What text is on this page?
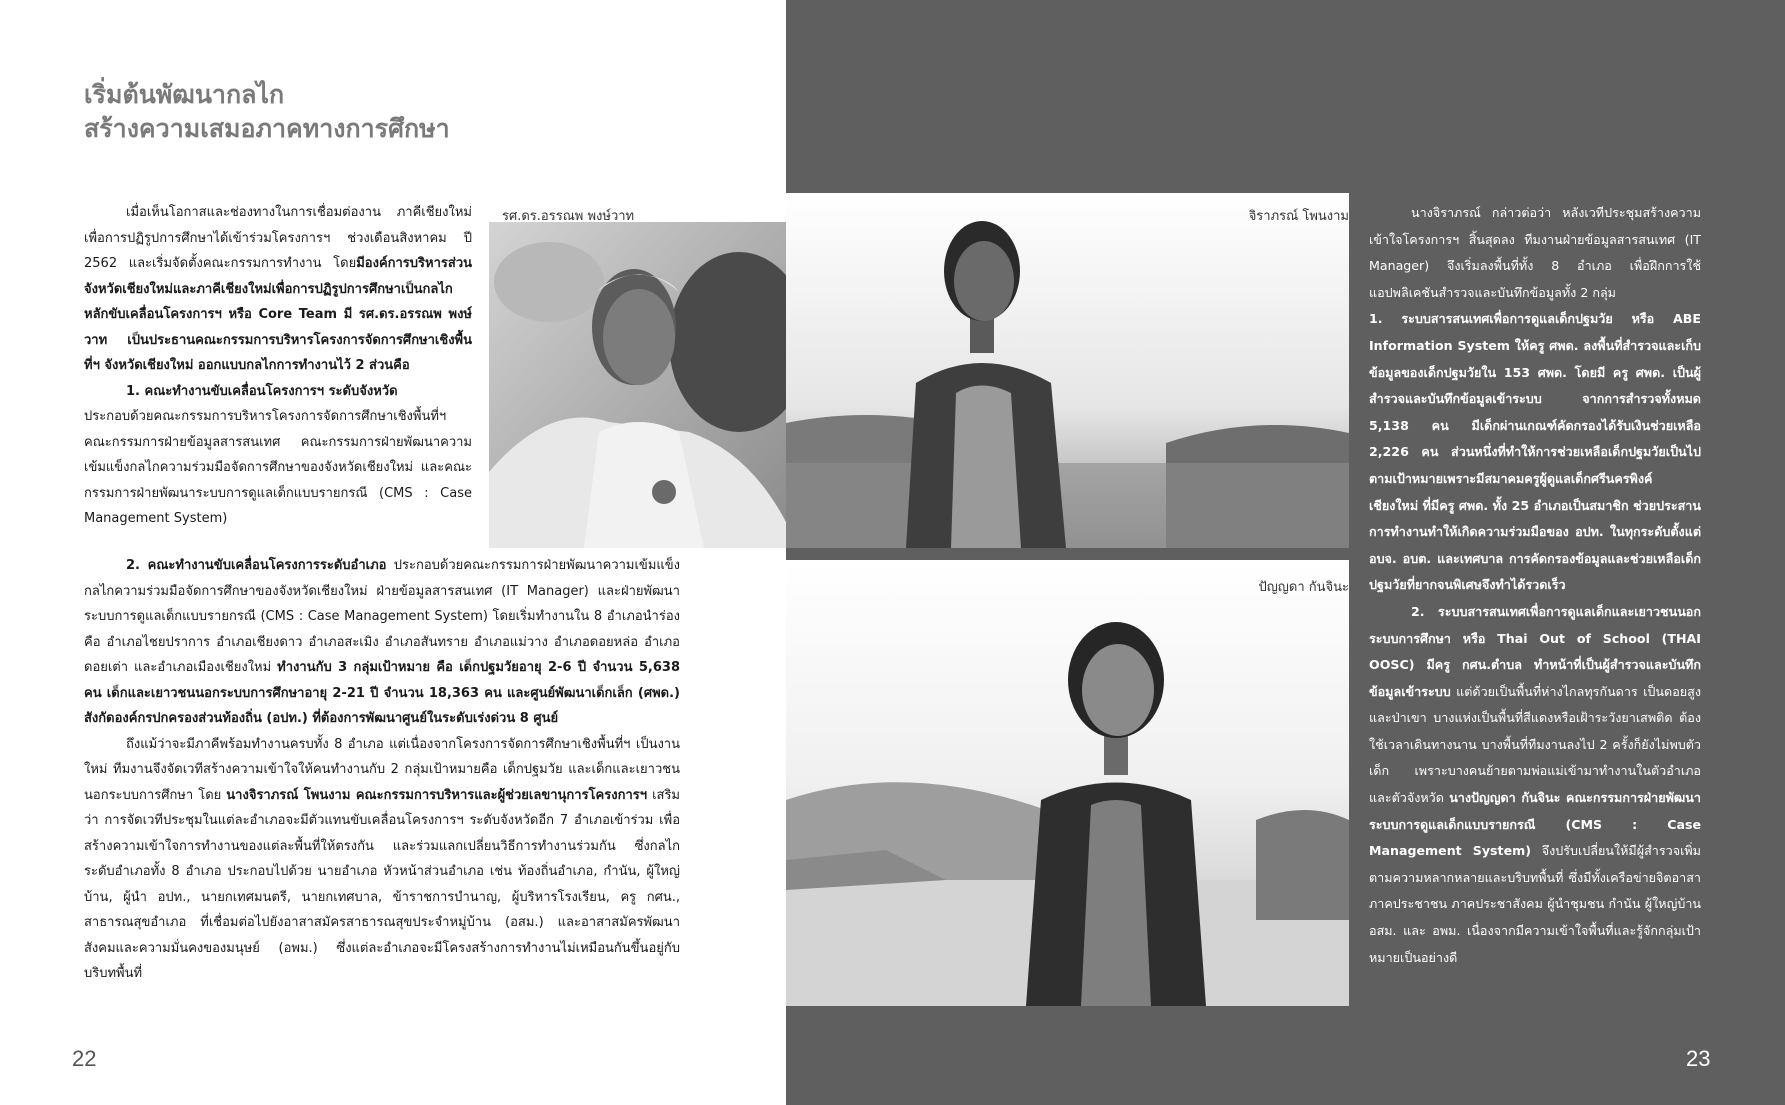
เริ่มต้นพัฒนากลไก
สร้างความเสมอภาคทางการศึกษา

เมื่อเห็นโอกาสและช่องทางในการเชื่อมต่องาน ภาคีเชียงใหม่เพื่อการปฏิรูปการศึกษาได้เข้าร่วมโครงการฯ ช่วงเดือนสิงหาคม ปี 2562 และเริ่มจัดตั้งคณะกรรมการทำงาน โดยมีองค์การบริหารส่วนจังหวัดเชียงใหม่และภาคีเชียงใหม่เพื่อการปฏิรูปการศึกษาเป็นกลไกหลักขับเคลื่อนโครงการฯ หรือ Core Team มี รศ.ดร.อรรณพ พงษ์วาท เป็นประธานคณะกรรมการบริหารโครงการจัดการศึกษาเชิงพื้นที่ฯ จังหวัดเชียงใหม่ ออกแบบกลไกการทำงานไว้ 2 ส่วนคือ

1. คณะทำงานขับเคลื่อนโครงการฯ ระดับจังหวัด

ประกอบด้วยคณะกรรมการบริหารโครงการจัดการศึกษาเชิงพื้นที่ฯ คณะกรรมการฝ่ายข้อมูลสารสนเทศ คณะกรรมการฝ่ายพัฒนาความเข้มแข็งกลไกความร่วมมือจัดการศึกษาของจังหวัดเชียงใหม่ และคณะกรรมการฝ่ายพัฒนาระบบการดูแลเด็กแบบรายกรณี (CMS : Case Management System)

2. คณะทำงานขับเคลื่อนโครงการระดับอำเภอ ประกอบด้วยคณะกรรมการฝ่ายพัฒนาความเข้มแข็งกลไกความร่วมมือจัดการศึกษาของจังหวัดเชียงใหม่ ฝ่ายข้อมูลสารสนเทศ (IT Manager) และฝ่ายพัฒนาระบบการดูแลเด็กแบบรายกรณี (CMS : Case Management System) โดยเริ่มทำงานใน 8 อำเภอนำร่อง คือ อำเภอไชยปราการ อำเภอเชียงดาว อำเภอสะเมิง อำเภอสันทราย อำเภอแม่วาง อำเภอดอยหล่อ อำเภอดอยเต่า และอำเภอเมืองเชียงใหม่ ทำงานกับ 3 กลุ่มเป้าหมาย คือ เด็กปฐมวัยอายุ 2-6 ปี จำนวน 5,638 คน เด็กและเยาวชนนอกระบบการศึกษาอายุ 2-21 ปี จำนวน 18,363 คน และศูนย์พัฒนาเด็กเล็ก (ศพด.) สังกัดองค์กรปกครองส่วนท้องถิ่น (อปท.) ที่ต้องการพัฒนาศูนย์ในระดับเร่งด่วน 8 ศูนย์

ถึงแม้ว่าจะมีภาคีพร้อมทำงานครบทั้ง 8 อำเภอ แต่เนื่องจากโครงการจัดการศึกษาเชิงพื้นที่ฯ เป็นงานใหม่ ทีมงานจึงจัดเวทีสร้างความเข้าใจให้คนทำงานกับ 2 กลุ่มเป้าหมายคือ เด็กปฐมวัย และเด็กและเยาวชนนอกระบบการศึกษา โดย นางจิราภรณ์ โพนงาม คณะกรรมการบริหารและผู้ช่วยเลขานุการโครงการฯ เสริมว่า การจัดเวทีประชุมในแต่ละอำเภอจะมีตัวแทนขับเคลื่อนโครงการฯ ระดับจังหวัดอีก 7 อำเภอเข้าร่วม เพื่อสร้างความเข้าใจการทำงานของแต่ละพื้นที่ให้ตรงกัน และร่วมแลกเปลี่ยนวิธีการทำงานร่วมกัน ซึ่งกลไกระดับอำเภอทั้ง 8 อำเภอ ประกอบไปด้วย นายอำเภอ หัวหน้าส่วนอำเภอ เช่น ท้องถิ่นอำเภอ, กำนัน, ผู้ใหญ่บ้าน, ผู้นำ อปท., นายกเทศมนตรี, นายกเทศบาล, ข้าราชการบำนาญ, ผู้บริหารโรงเรียน, ครู กศน., สาธารณสุขอำเภอ ที่เชื่อมต่อไปยังอาสาสมัครสาธารณสุขประจำหมู่บ้าน (อสม.) และอาสาสมัครพัฒนาสังคมและความมั่นคงของมนุษย์ (อพม.) ซึ่งแต่ละอำเภอจะมีโครงสร้างการทำงานไม่เหมือนกันขึ้นอยู่กับบริบทพื้นที่

รศ.ดร.อรรณพ พงษ์วาท
22
จิราภรณ์ โพนงาม
ปัญญดา กันจินะ

นางจิราภรณ์ กล่าวต่อว่า หลังเวทีประชุมสร้างความเข้าใจโครงการฯ สิ้นสุดลง ทีมงานฝ่ายข้อมูลสารสนเทศ (IT Manager) จึงเริ่มลงพื้นที่ทั้ง 8 อำเภอ เพื่อฝึกการใช้แอปพลิเคชันสำรวจและบันทึกข้อมูลทั้ง 2 กลุ่ม

1. ระบบสารสนเทศเพื่อการดูแลเด็กปฐมวัย หรือ ABE Information System ให้ครู ศพด. ลงพื้นที่สำรวจและเก็บข้อมูลของเด็กปฐมวัยใน 153 ศพด. โดยมี ครู ศพด. เป็นผู้สำรวจและบันทึกข้อมูลเข้าระบบ จากการสำรวจทั้งหมด 5,138 คน มีเด็กผ่านเกณฑ์คัดกรองได้รับเงินช่วยเหลือ 2,226 คน ส่วนหนึ่งที่ทำให้การช่วยเหลือเด็กปฐมวัยเป็นไปตามเป้าหมายเพราะมีสมาคมครูผู้ดูแลเด็กศรีนครพิงค์เชียงใหม่ ที่มีครู ศพด. ทั้ง 25 อำเภอเป็นสมาชิก ช่วยประสานการทำงานทำให้เกิดความร่วมมือของ อปท. ในทุกระดับตั้งแต่ อบจ. อบต. และเทศบาล การคัดกรองข้อมูลและช่วยเหลือเด็กปฐมวัยที่ยากจนพิเศษจึงทำได้รวดเร็ว

2. ระบบสารสนเทศเพื่อการดูแลเด็กและเยาวชนนอกระบบการศึกษา หรือ Thai Out of School (THAI OOSC) มีครู กศน.ตำบล ทำหน้าที่เป็นผู้สำรวจและบันทึกข้อมูลเข้าระบบ แต่ด้วยเป็นพื้นที่ห่างไกลทุรกันดาร เป็นดอยสูงและป่าเขา บางแห่งเป็นพื้นที่สีแดงหรือเฝ้าระวังยาเสพติด ต้องใช้เวลาเดินทางนาน บางพื้นที่ทีมงานลงไป 2 ครั้งก็ยังไม่พบตัวเด็ก เพราะบางคนย้ายตามพ่อแม่เข้ามาทำงานในตัวอำเภอและตัวจังหวัด นางปัญญดา กันจินะ คณะกรรมการฝ่ายพัฒนาระบบการดูแลเด็กแบบรายกรณี (CMS : Case Management System) จึงปรับเปลี่ยนให้มีผู้สำรวจเพิ่มตามความหลากหลายและบริบทพื้นที่ ซึ่งมีทั้งเครือข่ายจิตอาสา ภาคประชาชน ภาคประชาสังคม ผู้นำชุมชน กำนัน ผู้ใหญ่บ้าน อสม. และ อพม. เนื่องจากมีความเข้าใจพื้นที่และรู้จักกลุ่มเป้าหมายเป็นอย่างดี

23
